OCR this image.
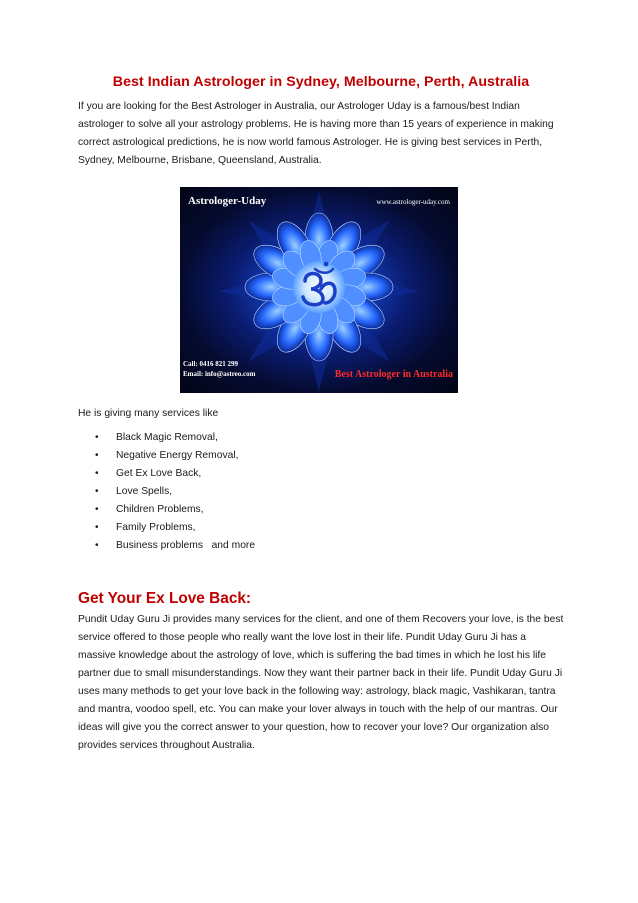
Best Indian Astrologer in Sydney, Melbourne, Perth, Australia

If you are looking for the Best Astrologer in Australia, our Astrologer Uday is a famous/best Indian astrologer to solve all your astrology problems. He is having more than 15 years of experience in making correct astrological predictions, he is now world famous Astrologer. He is giving best services in Perth, Sydney, Melbourne, Brisbane, Queensland, Australia.

Astrologer-Uday	www.astrologer-uday.com
Call: 0416 821 299
Email: info@astreo.com	Best Astrologer in Australia

He is giving many services like

• Black Magic Removal,
• Negative Energy Removal,
• Get Ex Love Back,
• Love Spells,
• Children Problems,
• Family Problems,
• Business problems   and more
Get Your Ex Love Back:

Pundit Uday Guru Ji provides many services for the client, and one of them Recovers your love, is the best service offered to those people who really want the love lost in their life. Pundit Uday Guru Ji has a massive knowledge about the astrology of love, which is suffering the bad times in which he lost his life partner due to small misunderstandings. Now they want their partner back in their life. Pundit Uday Guru Ji uses many methods to get your love back in the following way: astrology, black magic, Vashikaran, tantra and mantra, voodoo spell, etc. You can make your lover always in touch with the help of our mantras. Our ideas will give you the correct answer to your question, how to recover your love? Our organization also provides services throughout Australia.
